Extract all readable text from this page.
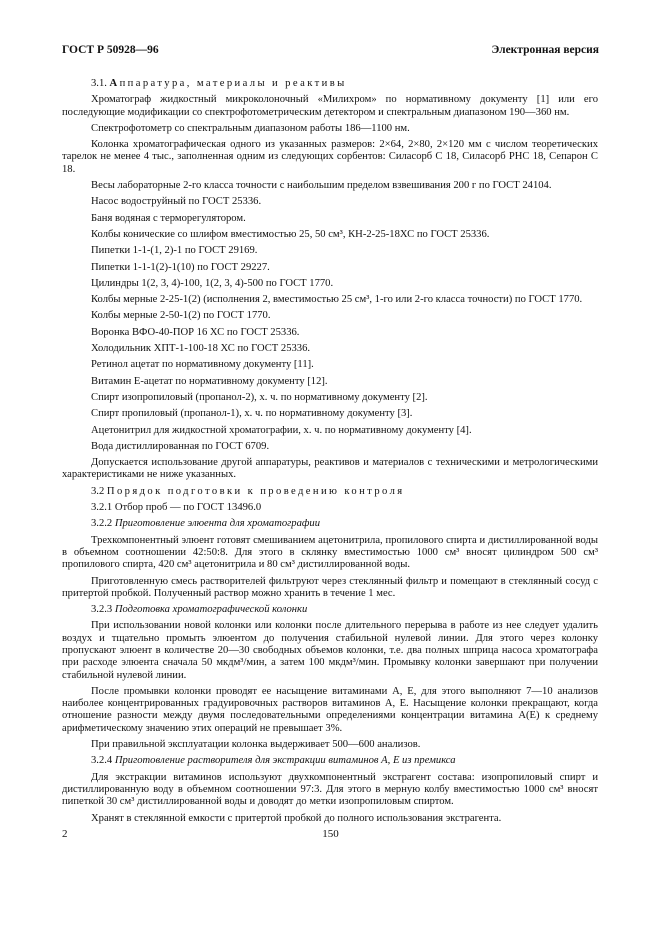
ГОСТ Р 50928—96	Электронная версия

3.1. Аппаратура, материалы и реактивы

Хроматограф жидкостный микроколоночный «Милихром» по нормативному документу [1] или его последующие модификации со спектрофотометрическим детектором и спектральным диапазоном 190—360 нм.

Спектрофотометр со спектральным диапазоном работы 186—1100 нм.

Колонка хроматографическая одного из указанных размеров: 2×64, 2×80, 2×120 мм с числом теоретических тарелок не менее 4 тыс., заполненная одним из следующих сорбентов: Силасорб С 18, Силасорб РНС 18, Сепарон С 18.

Весы лабораторные 2-го класса точности с наибольшим пределом взвешивания 200 г по ГОСТ 24104.

Насос водоструйный по ГОСТ 25336.

Баня водяная с терморегулятором.

Колбы конические со шлифом вместимостью 25, 50 см³, КН-2-25-18ХС по ГОСТ 25336.

Пипетки 1-1-(1, 2)-1 по ГОСТ 29169.

Пипетки 1-1-1(2)-1(10) по ГОСТ 29227.

Цилиндры 1(2, 3, 4)-100, 1(2, 3, 4)-500 по ГОСТ 1770.

Колбы мерные 2-25-1(2) (исполнения 2, вместимостью 25 см³, 1-го или 2-го класса точности) по ГОСТ 1770.

Колбы мерные 2-50-1(2) по ГОСТ 1770.

Воронка ВФО-40-ПОР 16 ХС по ГОСТ 25336.

Холодильник ХПТ-1-100-18 ХС по ГОСТ 25336.

Ретинол ацетат по нормативному документу [11].

Витамин Е-ацетат по нормативному документу [12].

Спирт изопропиловый (пропанол-2), х. ч. по нормативному документу [2].

Спирт пропиловый (пропанол-1), х. ч. по нормативному документу [3].

Ацетонитрил для жидкостной хроматографии, х. ч. по нормативному документу [4].

Вода дистиллированная по ГОСТ 6709.

Допускается использование другой аппаратуры, реактивов и материалов с техническими и метрологическими характеристиками не ниже указанных.

3.2 Порядок подготовки к проведению контроля

3.2.1 Отбор проб — по ГОСТ 13496.0

3.2.2 Приготовление элюента для хроматографии

Трехкомпонентный элюент готовят смешиванием ацетонитрила, пропилового спирта и дистиллированной воды в объемном соотношении 42:50:8. Для этого в склянку вместимостью 1000 см³ вносят цилиндром 500 см³ пропилового спирта, 420 см³ ацетонитрила и 80 см³ дистиллированной воды.

Приготовленную смесь растворителей фильтруют через стеклянный фильтр и помещают в стеклянный сосуд с притертой пробкой. Полученный раствор можно хранить в течение 1 мес.

3.2.3 Подготовка хроматографической колонки

При использовании новой колонки или колонки после длительного перерыва в работе из нее следует удалить воздух и тщательно промыть элюентом до получения стабильной нулевой линии. Для этого через колонку пропускают элюент в количестве 20—30 свободных объемов колонки, т.е. два полных шприца насоса хроматографа при расходе элюента сначала 50 мкдм³/мин, а затем 100 мкдм³/мин. Промывку колонки завершают при получении стабильной нулевой линии.

После промывки колонки проводят ее насыщение витаминами А, Е, для этого выполняют 7—10 анализов наиболее концентрированных градуировочных растворов витаминов А, Е. Насыщение колонки прекращают, когда отношение разности между двумя последовательными определениями концентрации витамина А(Е) к среднему арифметическому значению этих операций не превышает 3%.

При правильной эксплуатации колонка выдерживает 500—600 анализов.

3.2.4 Приготовление растворителя для экстракции витаминов А, Е из премикса

Для экстракции витаминов используют двухкомпонентный экстрагент состава: изопропиловый спирт и дистиллированную воду в объемном соотношении 97:3. Для этого в мерную колбу вместимостью 1000 см³ вносят пипеткой 30 см³ дистиллированной воды и доводят до метки изопропиловым спиртом.

Хранят в стеклянной емкости с притертой пробкой до полного использования экстрагента.

2	150
